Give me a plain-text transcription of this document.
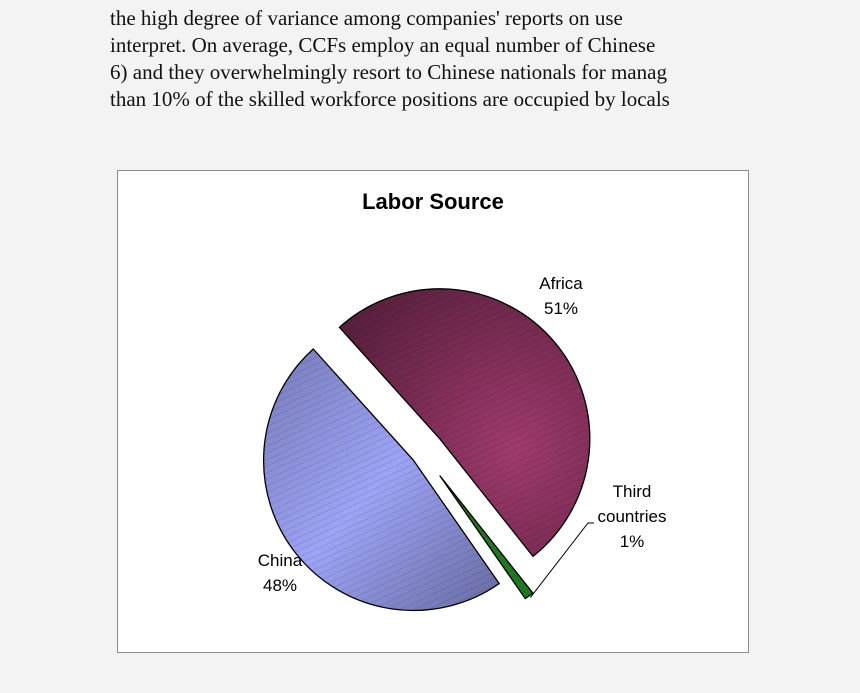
the high degree of variance among companies' reports on use
interpret. On average, CCFs employ an equal number of Chinese
6) and they overwhelmingly resort to Chinese nationals for manag
than 10% of the skilled workforce positions are occupied by locals
Labor Source
Africa
51%
Third
countries
1%
China
48%
